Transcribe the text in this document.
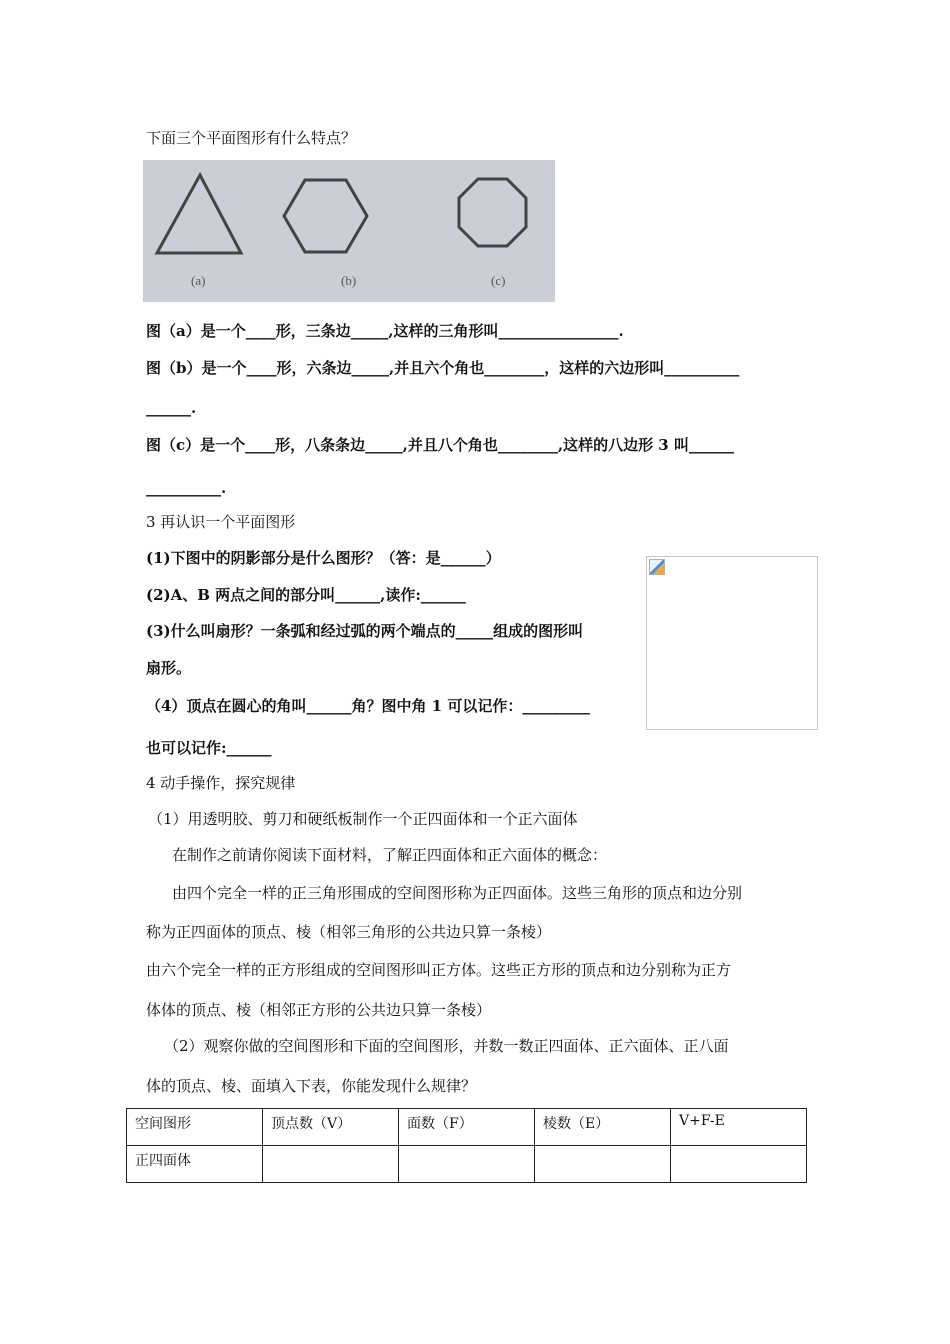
下面三个平面图形有什么特点？
(a)	(b)	(c)
图（a）是一个____形，三条边_____,这样的三角形叫________________.
图（b）是一个____形，六条边_____,并且六个角也________，这样的六边形叫__________
______.
图（c）是一个____形，八条条边_____,并且八个角也________,这样的八边形 3 叫______
__________.
3 再认识一个平面图形
(1)下图中的阴影部分是什么图形？（答：是______）
(2)A、B 两点之间的部分叫______,读作:______
(3)什么叫扇形？一条弧和经过弧的两个端点的_____组成的图形叫
扇形。
（4）顶点在圆心的角叫______角？图中角 1 可以记作：_________
也可以记作:______
4 动手操作，探究规律
（1）用透明胶、剪刀和硬纸板制作一个正四面体和一个正六面体
在制作之前请你阅读下面材料，了解正四面体和正六面体的概念：
由四个完全一样的正三角形围成的空间图形称为正四面体。这些三角形的顶点和边分别
称为正四面体的顶点、棱（相邻三角形的公共边只算一条棱）
由六个完全一样的正方形组成的空间图形叫正方体。这些正方形的顶点和边分别称为正方
体体的顶点、棱（相邻正方形的公共边只算一条棱）
（2）观察你做的空间图形和下面的空间图形，并数一数正四面体、正六面体、正八面
体的顶点、棱、面填入下表，你能发现什么规律？
空间图形	顶点数（V）	面数（F）	棱数（E）	V+F-E
正四面体				
